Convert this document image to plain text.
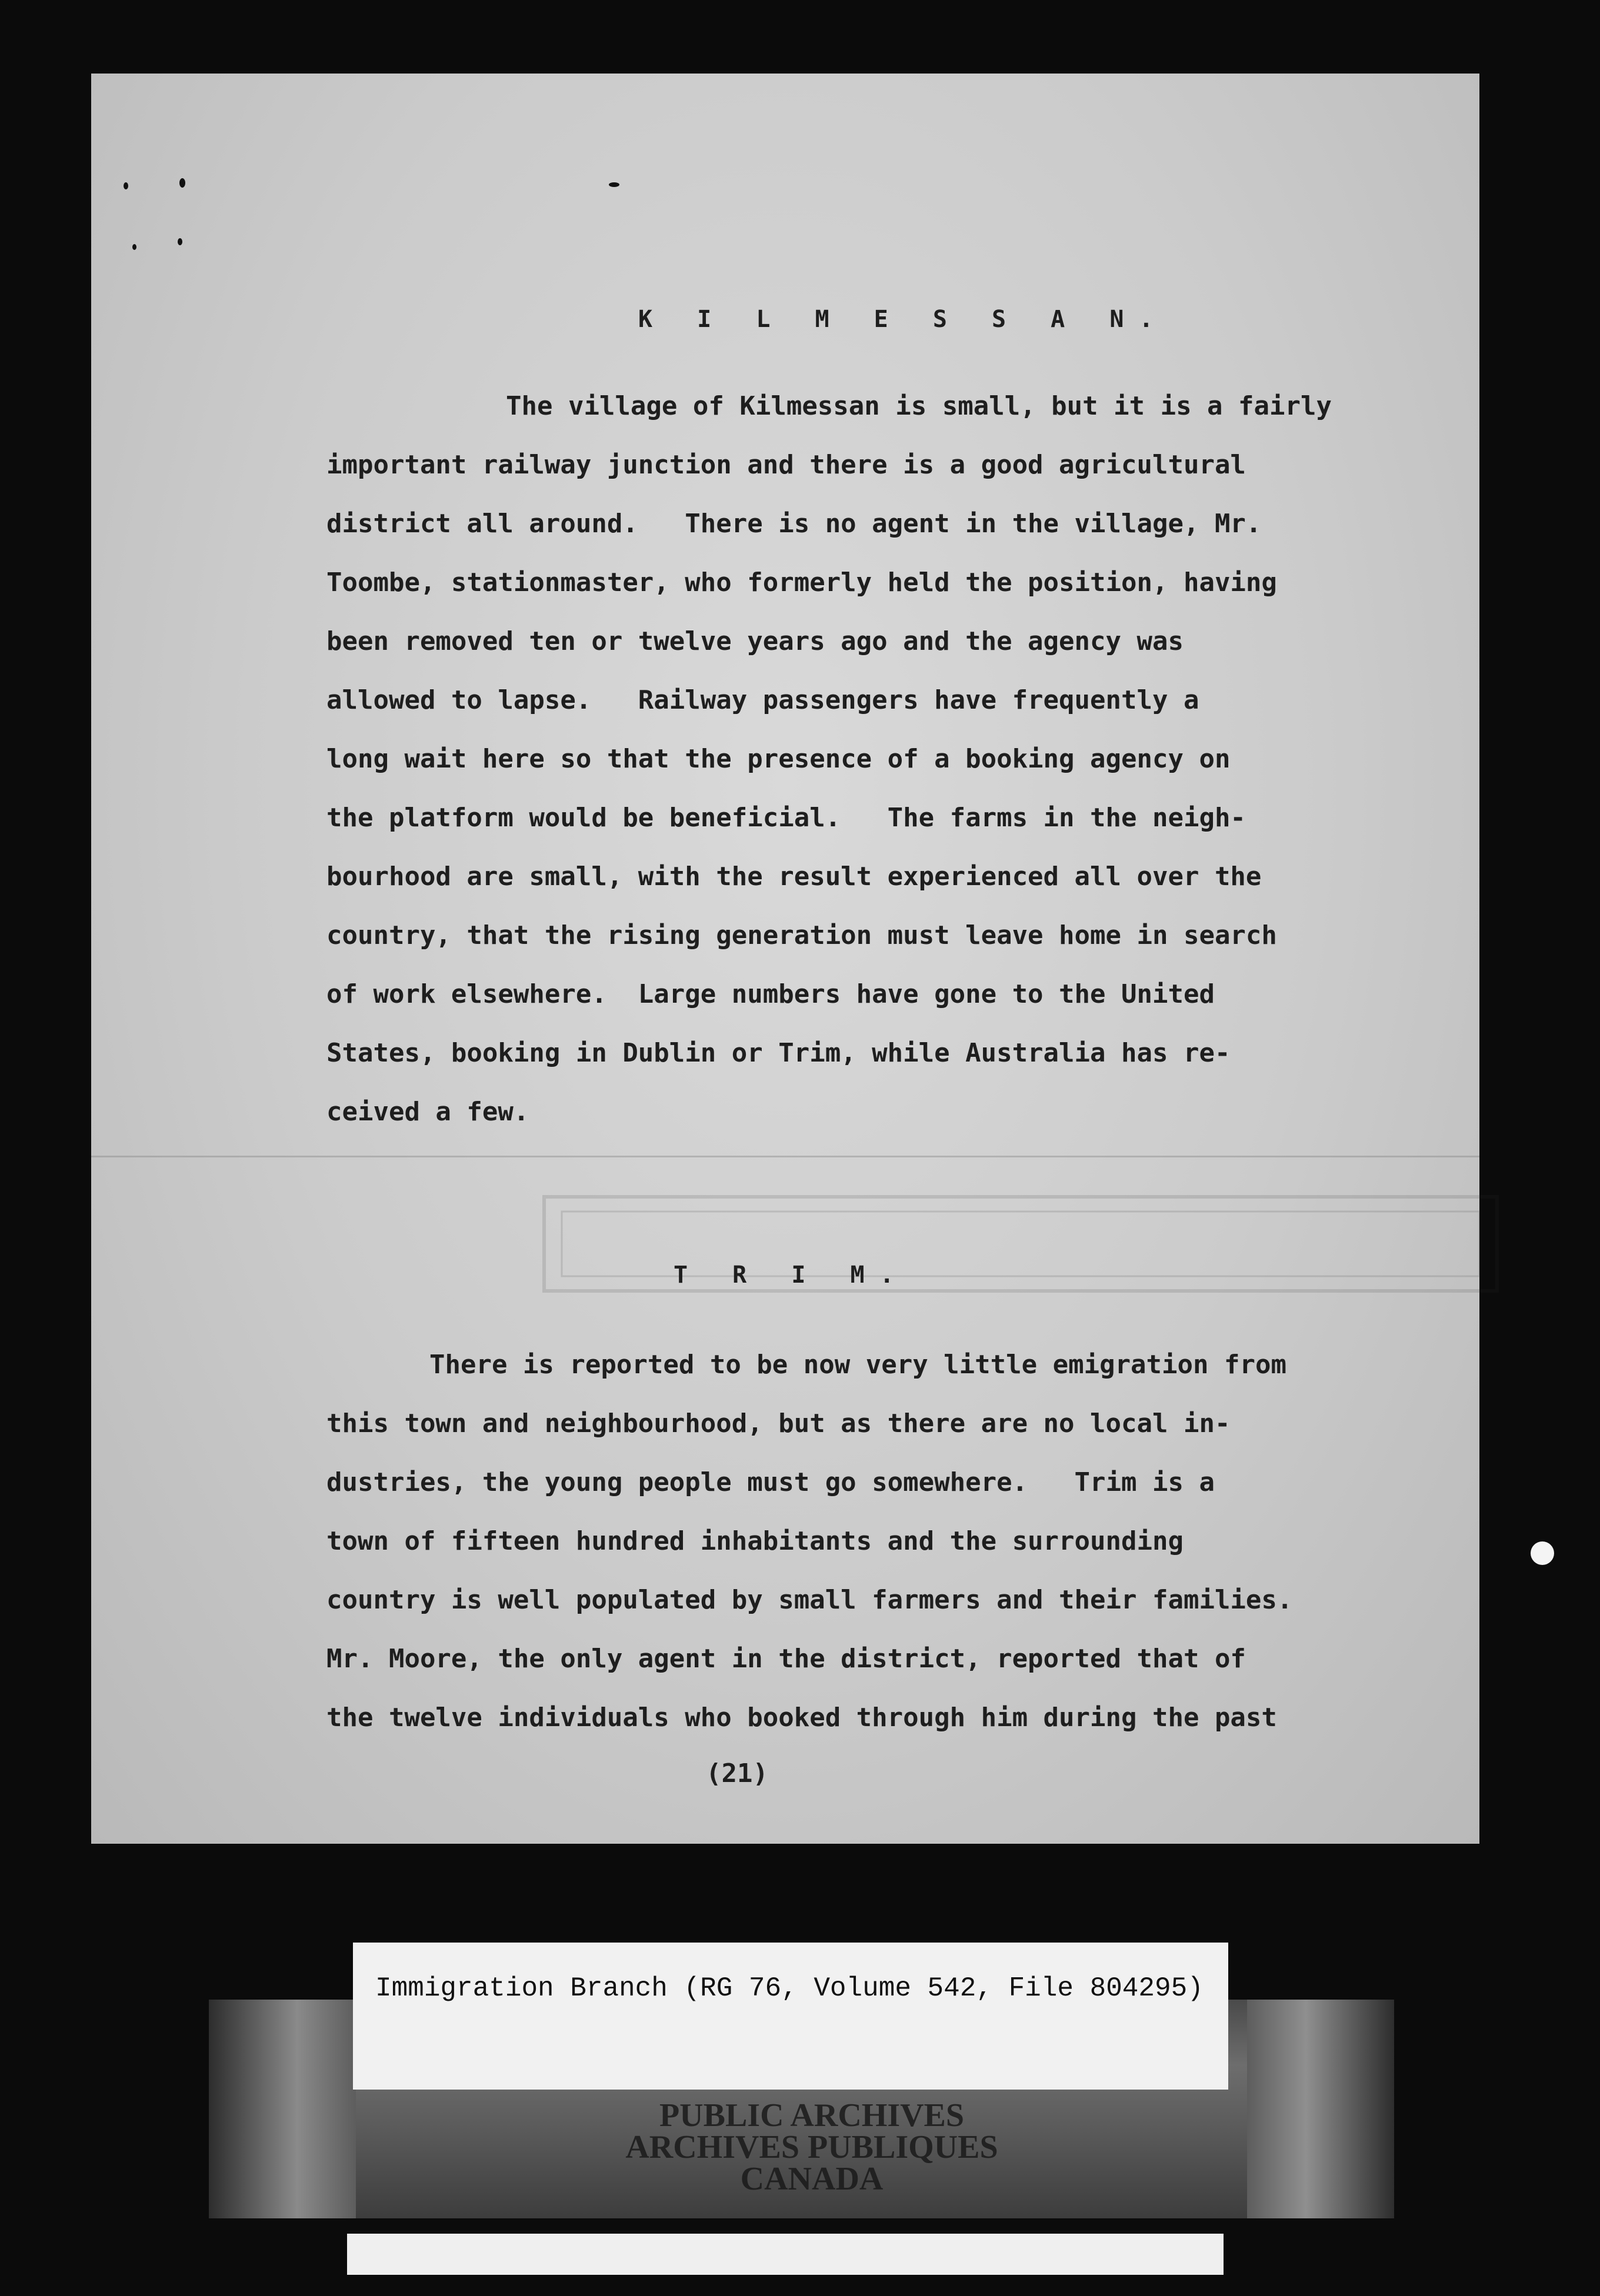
K I L M E S S A N.

The village of Kilmessan is small, but it is a fairly

important railway junction and there is a good agricultural

district all around.   There is no agent in the village, Mr.

Toombe, stationmaster, who formerly held the position, having

been removed ten or twelve years ago and the agency was

allowed to lapse.   Railway passengers have frequently a

long wait here so that the presence of a booking agency on

the platform would be beneficial.   The farms in the neigh-

bourhood are small, with the result experienced all over the

country, that the rising generation must leave home in search

of work elsewhere.  Large numbers have gone to the United

States, booking in Dublin or Trim, while Australia has re-

ceived a few.

T R I M.

There is reported to be now very little emigration from

this town and neighbourhood, but as there are no local in-

dustries, the young people must go somewhere.   Trim is a

town of fifteen hundred inhabitants and the surrounding

country is well populated by small farmers and their families.

Mr. Moore, the only agent in the district, reported that of

the twelve individuals who booked through him during the past

(21)

Immigration Branch (RG 76, Volume 542, File 804295)
PUBLIC ARCHIVES
ARCHIVES PUBLIQUES
CANADA
